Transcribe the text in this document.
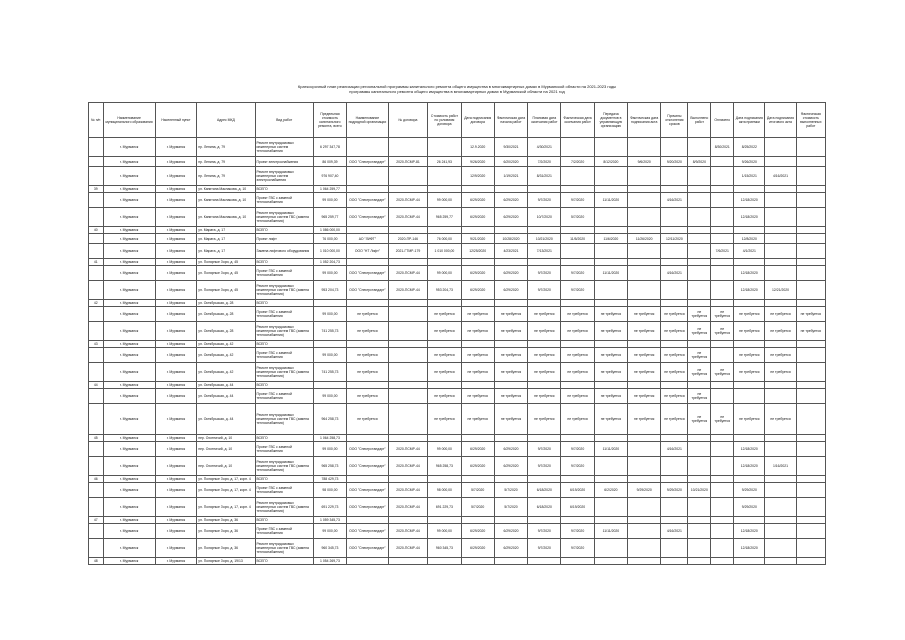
Краткосрочный план реализации региональной программы капитального ремонта общего имущества в многоквартирных домах в Мурманской области на 2021-2023 годы
программы капитального ремонта общего имущества в многоквартирных домах в Мурманской области на 2021 год
№ п/п	Наименование муниципального образования	Населенный пункт	Адрес МКД	Вид работ	Предельная стоимость капитального ремонта, всего	Наименование подрядной организации	№ договора	Стоимость работ по условиям договора	Дата подписания договора	Фактическая дата начала работ	Плановая дата окончания работ	Фактическая дата окончания работ	Передача документов в управляющую организацию	Фактическая дата подписания акта	Причины отклонения сроков	Выполнено работ	Оплачено	Дата подписания акта приемки	Дата подписания итогового акта	Фактическая стоимость выполненных работ
	г. Мурманск	г. Мурманск	пр. Ленина, д. 79	Ремонт внутридомовых инженерных систем теплоснабжения	6 297 347,78				12.9.2020	9/30/2021	4/30/2021						8/30/2021	8/25/2022		
	г. Мурманск	г. Мурманск	пр. Ленина, д. 79	Проект электроснабжения	86 009,39	ООО "Спектрстандарт"	2020-ПСМР-81	26 241,93	9/26/2020	6/20/2020	7/2/2020	7/2/2020	8/12/2020	9/6/2020	9/20/2020	8/9/2020		9/26/2020		
	г. Мурманск	г. Мурманск	пр. Ленина, д. 79	Ремонт внутридомовых инженерных систем электроснабжения	976 907,40				12/9/2020	1/19/2021	8/31/2021							1/15/2021	4/16/2021	
39	г. Мурманск	г. Мурманск	ул. Капитана Маклакова, д. 10	ВСЕГО	1 064 259,77															
	г. Мурманск	г. Мурманск	ул. Капитана Маклакова, д. 10	Проект ГВС с заменой теплоснабжения	99 000,00	ООО "Спектрстандарт"	2020-ПСМР-44	99 000,00	6/29/2020	6/29/2020	9/7/2020	9/7/2020	11/11/2020		4/16/2021			12/18/2020		
	г. Мурманск	г. Мурманск	ул. Капитана Маклакова, д. 10	Ремонт внутридомовых инженерных систем ГВС (замена теплоснабжения)	965 259,77	ООО "Спектрстандарт"	2020-ПСМР-44	965 259,77	6/29/2020	6/29/2020	10/7/2020	5/7/2020						12/18/2020		
40	г. Мурманск	г. Мурманск	ул. Марата, д. 17	ВСЕГО	1 086 000,00															
	г. Мурманск	г. Мурманск	ул. Марата, д. 17	Проект лифт	76 000,00	АО "ЛИФТ"	2020-ПР-146	76 000,00	9/21/2020	10/28/2020	10/21/2020	11/5/2020	11/6/2020	11/26/2020	12/11/2020			12/8/2020		
	г. Мурманск	г. Мурманск	ул. Марата, д. 17	Замена лифтового оборудования	1 010 000,00	ООО "НТ Лифт"	2021-ГТМР-179	1 010 000,00	12/25/2020	4/23/2021	7/13/2021						7/6/2021	4/1/2021		
41	г. Мурманск	г. Мурманск	ул. Полярные Зори, д. 45	ВСЕГО	1 052 204,73															
	г. Мурманск	г. Мурманск	ул. Полярные Зори, д. 45	Проект ГВС с заменой теплоснабжения	99 000,00	ООО "Спектрстандарт"	2020-ПСМР-44	99 000,00	6/29/2020	6/29/2020	9/7/2020	9/7/2020	11/11/2020		4/16/2021			12/18/2020		
	г. Мурманск	г. Мурманск	ул. Полярные Зори, д. 45	Ремонт внутридомовых инженерных систем ГВС (замена теплоснабжения)	953 204,73	ООО "Спектрстандарт"	2020-ПСМР-44	953 204,73	6/29/2020	6/29/2020	9/7/2020	9/7/2020						12/18/2020	12/21/2020	
42	г. Мурманск	г. Мурманск	ул. Октябрьская, д. 28	ВСЕГО																
	г. Мурманск	г. Мурманск	ул. Октябрьская, д. 28	Проект ГВС с заменой теплоснабжения	99 000,00	не требуется		не требуется	не требуется	не требуется	не требуется	не требуется	не требуется	не требуется	не требуется	не требуется	не требуется	не требуется	не требуется	не требуется
	г. Мурманск	г. Мурманск	ул. Октябрьская, д. 28	Ремонт внутридомовых инженерных систем ГВС (замена теплоснабжения)	741 255,73	не требуется		не требуется	не требуется	не требуется	не требуется	не требуется	не требуется	не требуется	не требуется	не требуется	не требуется	не требуется	не требуется	не требуется
43	г. Мурманск	г. Мурманск	ул. Октябрьская, д. 42	ВСЕГО																
	г. Мурманск	г. Мурманск	ул. Октябрьская, д. 42	Проект ГВС с заменой теплоснабжения	99 000,00	не требуется		не требуется	не требуется	не требуется	не требуется	не требуется	не требуется	не требуется	не требуется	не требуется		не требуется	не требуется	
	г. Мурманск	г. Мурманск	ул. Октябрьская, д. 42	Ремонт внутридомовых инженерных систем ГВС (замена теплоснабжения)	741 255,73	не требуется		не требуется	не требуется	не требуется	не требуется	не требуется	не требуется	не требуется	не требуется	не требуется	не требуется	не требуется	не требуется	
44	г. Мурманск	г. Мурманск	ул. Октябрьская, д. 44	ВСЕГО																
	г. Мурманск	г. Мурманск	ул. Октябрьская, д. 44	Проект ГВС с заменой теплоснабжения	99 000,00	не требуется		не требуется	не требуется	не требуется	не требуется	не требуется	не требуется	не требуется	не требуется	не требуется				
	г. Мурманск	г. Мурманск	ул. Октябрьская, д. 44	Ремонт внутридомовых инженерных систем ГВС (замена теплоснабжения)	964 258,73	не требуется		не требуется	не требуется	не требуется	не требуется	не требуется	не требуется	не требуется	не требуется	не требуется	не требуется	не требуется	не требуется	
45	г. Мурманск	г. Мурманск	пер. Охотничий, д. 10	ВСЕГО	1 064 258,73															
	г. Мурманск	г. Мурманск	пер. Охотничий, д. 10	Проект ГВС с заменой теплоснабжения	99 000,00	ООО "Спектрстандарт"	2020-ПСМР-44	99 000,00	6/29/2020	6/29/2020	9/7/2020	9/7/2020	11/11/2020		4/16/2021			12/18/2020		
	г. Мурманск	г. Мурманск	пер. Охотничий, д. 10	Ремонт внутридомовых инженерных систем ГВС (замена теплоснабжения)	965 258,73	ООО "Спектрстандарт"	2020-ПСМР-44	965 258,73	6/29/2020	6/29/2020	9/7/2020	9/7/2020						12/18/2020	1/16/2021	
46	г. Мурманск	г. Мурманск	ул. Полярные Зори, д. 17, корп. 4	ВСЕГО	788 429,73															
	г. Мурманск	г. Мурманск	ул. Полярные Зори, д. 17, корп. 4	Проект ГВС с заменой теплоснабжения	98 000,00	ООО "Спектрстандарт"	2020-ПСМР-44	98 000,00	5/7/2020	5/7/2020	6/18/2020	6/19/2020	6/2/2020	9/29/2020	9/29/2020	10/21/2020		9/29/2020		
	г. Мурманск	г. Мурманск	ул. Полярные Зори, д. 17, корп. 4	Ремонт внутридомовых инженерных систем ГВС (замена теплоснабжения)	691 229,73	ООО "Спектрстандарт"	2020-ПСМР-44	691 229,73	5/7/2020	5/7/2020	6/18/2020	6/19/2020						9/29/2020		
47	г. Мурманск	г. Мурманск	ул. Полярные Зори, д. 36	ВСЕГО	1 059 345,73															
	г. Мурманск	г. Мурманск	ул. Полярные Зори, д. 36	Проект ГВС с заменой теплоснабжения	99 000,00	ООО "Спектрстандарт"	2020-ПСМР-44	99 000,00	6/29/2020	6/29/2020	9/7/2020	9/7/2020	11/11/2020		4/16/2021			12/18/2020		
	г. Мурманск	г. Мурманск	ул. Полярные Зори, д. 36	Ремонт внутридомовых инженерных систем ГВС (замена теплоснабжения)	960 345,73	ООО "Спектрстандарт"	2020-ПСМР-44	960 345,73	6/29/2020	6/29/2020	9/7/2020	9/7/2020						12/18/2020		
48	г. Мурманск	г. Мурманск	ул. Полярные Зори, д. 19/13	ВСЕГО	1 054 269,73															
